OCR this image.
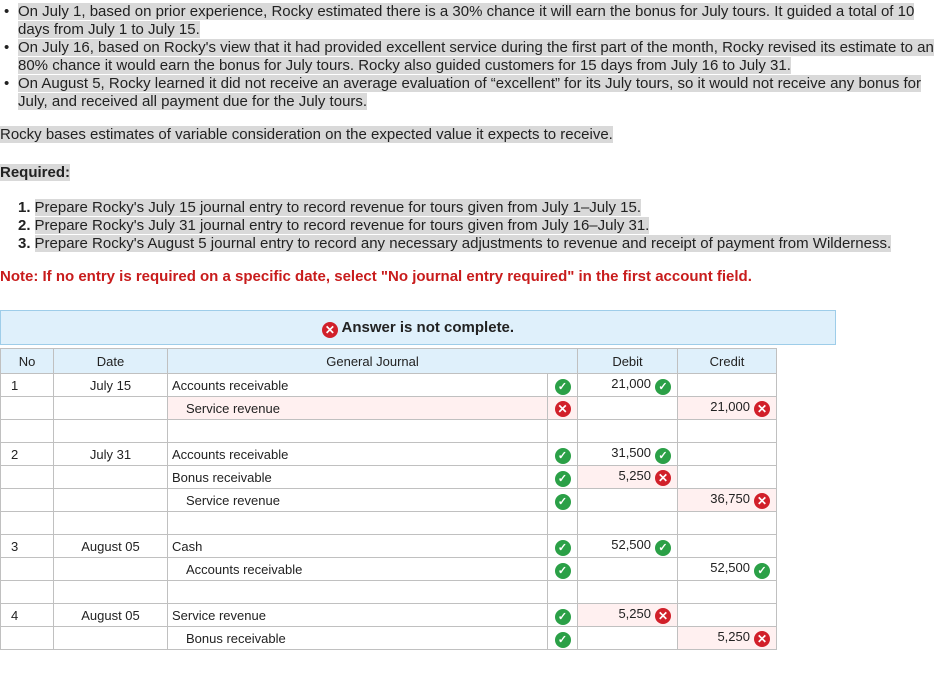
• On July 1, based on prior experience, Rocky estimated there is a 30% chance it will earn the bonus for July tours. It guided a total of 10 days from July 1 to July 15.
• On July 16, based on Rocky's view that it had provided excellent service during the first part of the month, Rocky revised its estimate to an 80% chance it would earn the bonus for July tours. Rocky also guided customers for 15 days from July 16 to July 31.
• On August 5, Rocky learned it did not receive an average evaluation of “excellent” for its July tours, so it would not receive any bonus for July, and received all payment due for the July tours.
Rocky bases estimates of variable consideration on the expected value it expects to receive.
Required:
1. Prepare Rocky's July 15 journal entry to record revenue for tours given from July 1–July 15.
2. Prepare Rocky's July 31 journal entry to record revenue for tours given from July 16–July 31.
3. Prepare Rocky's August 5 journal entry to record any necessary adjustments to revenue and receipt of payment from Wilderness.
Note: If no entry is required on a specific date, select "No journal entry required" in the first account field.
✕ Answer is not complete.
No	Date	General Journal		Debit	Credit
1	July 15	Accounts receivable	✓	21,000 ✓	
		Service revenue	✕		21,000 ✕

2	July 31	Accounts receivable	✓	31,500 ✓	
		Bonus receivable	✓	5,250 ✕	
		Service revenue	✓		36,750 ✕

3	August 05	Cash	✓	52,500 ✓	
		Accounts receivable	✓		52,500 ✓

4	August 05	Service revenue	✓	5,250 ✕	
		Bonus receivable	✓		5,250 ✕
